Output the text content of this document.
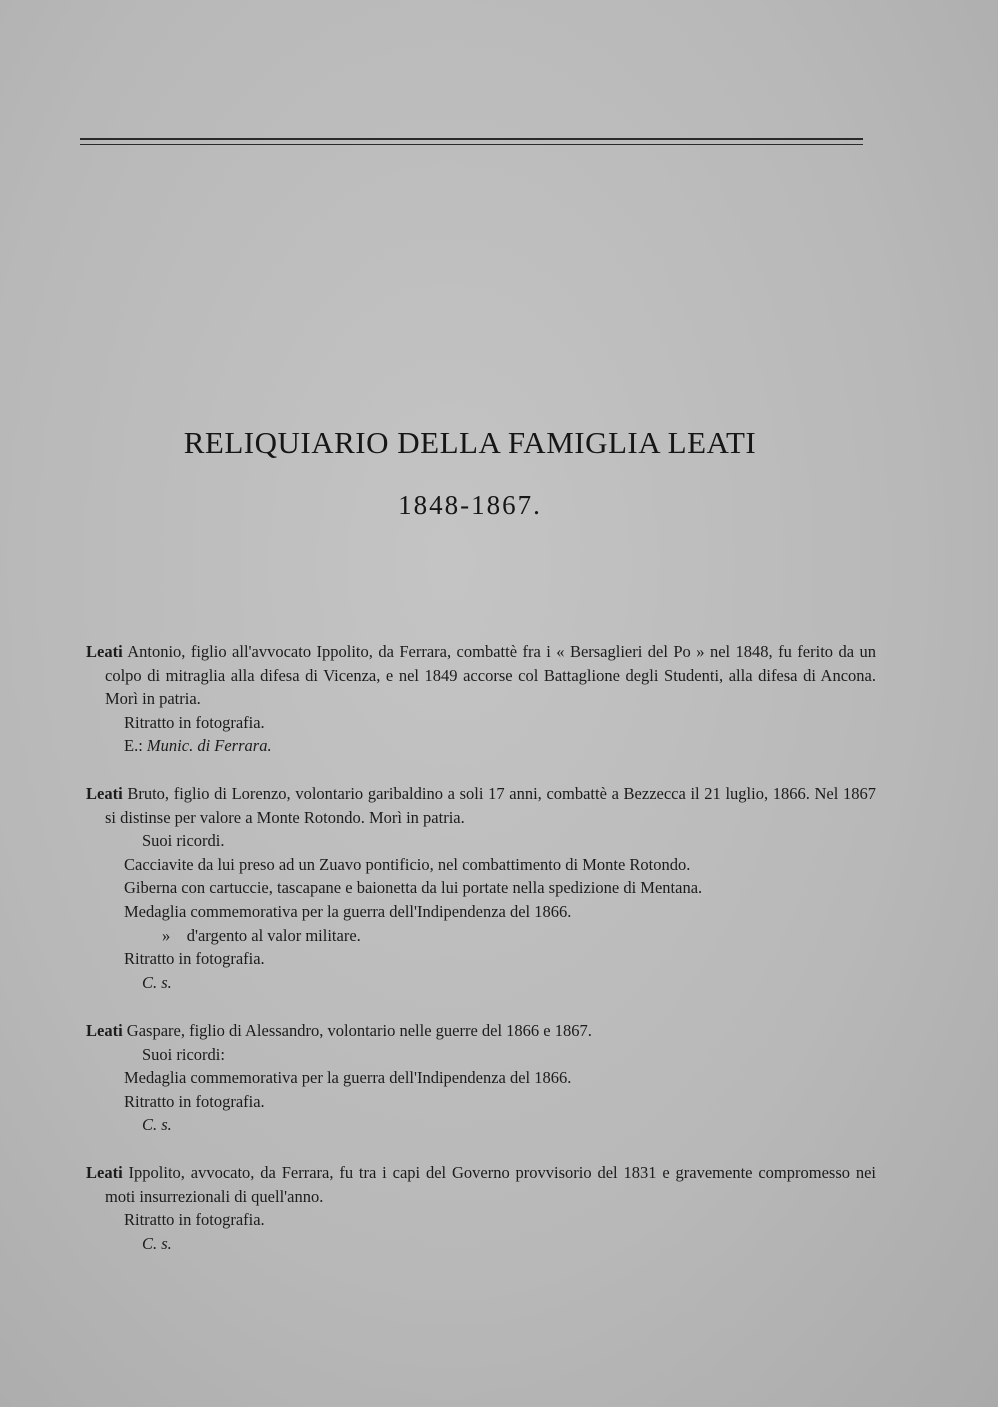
RELIQUIARIO DELLA FAMIGLIA LEATI
1848-1867.
Leati Antonio, figlio all'avvocato Ippolito, da Ferrara, combattè fra i « Bersaglieri del Po » nel 1848, fu ferito da un colpo di mitraglia alla difesa di Vicenza, e nel 1849 accorse col Battaglione degli Studenti, alla difesa di Ancona. Morì in patria.
Ritratto in fotografia.
E.: Munic. di Ferrara.
Leati Bruto, figlio di Lorenzo, volontario garibaldino a soli 17 anni, combattè a Bezzecca il 21 luglio, 1866. Nel 1867 si distinse per valore a Monte Rotondo. Morì in patria.
Suoi ricordi.
Cacciavite da lui preso ad un Zuavo pontificio, nel combattimento di Monte Rotondo.
Giberna con cartuccie, tascapane e baionetta da lui portate nella spedizione di Mentana.
Medaglia commemorativa per la guerra dell'Indipendenza del 1866.
»    d'argento al valor militare.
Ritratto in fotografia.
C. s.
Leati Gaspare, figlio di Alessandro, volontario nelle guerre del 1866 e 1867.
Suoi ricordi:
Medaglia commemorativa per la guerra dell'Indipendenza del 1866.
Ritratto in fotografia.
C. s.
Leati Ippolito, avvocato, da Ferrara, fu tra i capi del Governo provvisorio del 1831 e gravemente compromesso nei moti insurrezionali di quell'anno.
Ritratto in fotografia.
C. s.
